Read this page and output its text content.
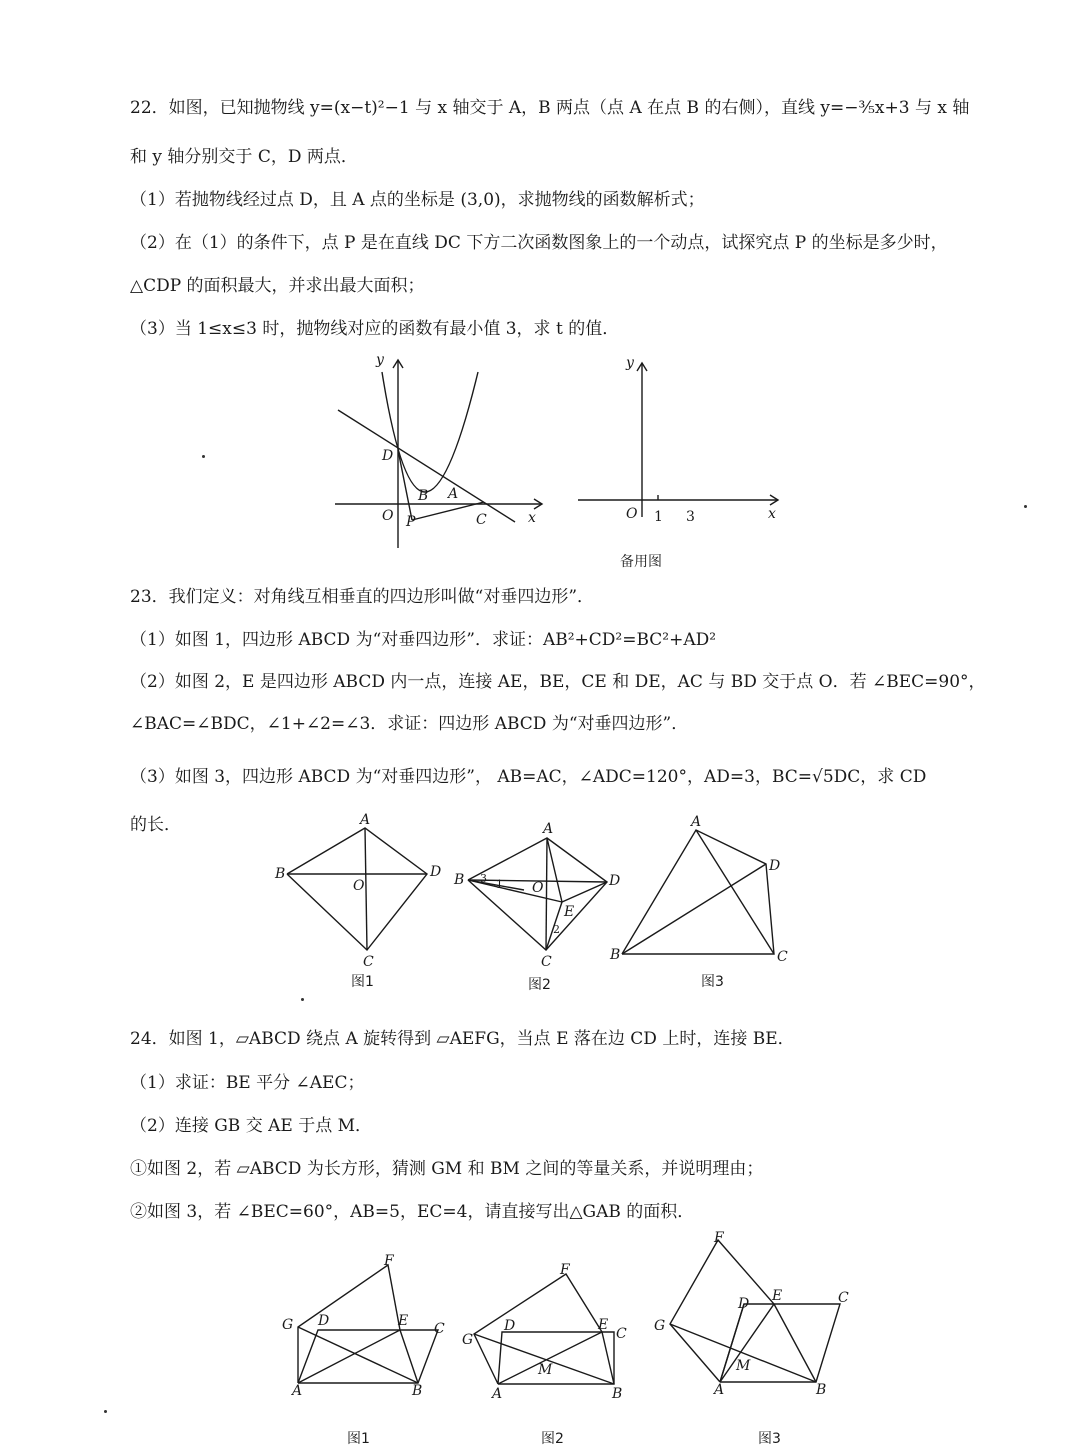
22．如图，已知抛物线 y=(x−t)²−1 与 x 轴交于 A，B 两点（点 A 在点 B 的右侧），直线 y=−³⁄₅x+3 与 x 轴
和 y 轴分别交于 C，D 两点．
（1）若抛物线经过点 D，且 A 点的坐标是 (3,0)，求抛物线的函数解析式；
（2）在（1）的条件下，点 P 是在直线 DC 下方二次函数图象上的一个动点，试探究点 P 的坐标是多少时，
△CDP 的面积最大，并求出最大面积；
（3）当 1≤x≤3 时，抛物线对应的函数有最小值 3，求 t 的值．
y
x
O
D
B A
P	C
y
x
O 1 3
备用图
23．我们定义：对角线互相垂直的四边形叫做“对垂四边形”．
（1）如图 1，四边形 ABCD 为“对垂四边形”．求证：AB²+CD²=BC²+AD²
（2）如图 2，E 是四边形 ABCD 内一点，连接 AE，BE，CE 和 DE，AC 与 BD 交于点 O．若 ∠BEC=90°，
∠BAC=∠BDC，∠1+∠2=∠3．求证：四边形 ABCD 为“对垂四边形”．
（3）如图 3，四边形 ABCD 为“对垂四边形”， AB=AC，∠ADC=120°，AD=3，BC=√5DC，求 CD
的长．	A
B	D
C
O
图1
A
B	D
C
O
E
3 1
2
图2
A
B
D
C
图3
24．如图 1，▱ABCD 绕点 A 旋转得到 ▱AEFG，当点 E 落在边 CD 上时，连接 BE．
（1）求证：BE 平分 ∠AEC；
（2）连接 GB 交 AE 于点 M．
①如图 2，若 ▱ABCD 为长方形，猜测 GM 和 BM 之间的等量关系，并说明理由；
②如图 3，若 ∠BEC=60°，AB=5，EC=4，请直接写出△GAB 的面积．
A	B
C
D	E
F
G
图1
A	B
C
D	E
F
G
M
图2
A	B
C
D E
F
G
M
图3
